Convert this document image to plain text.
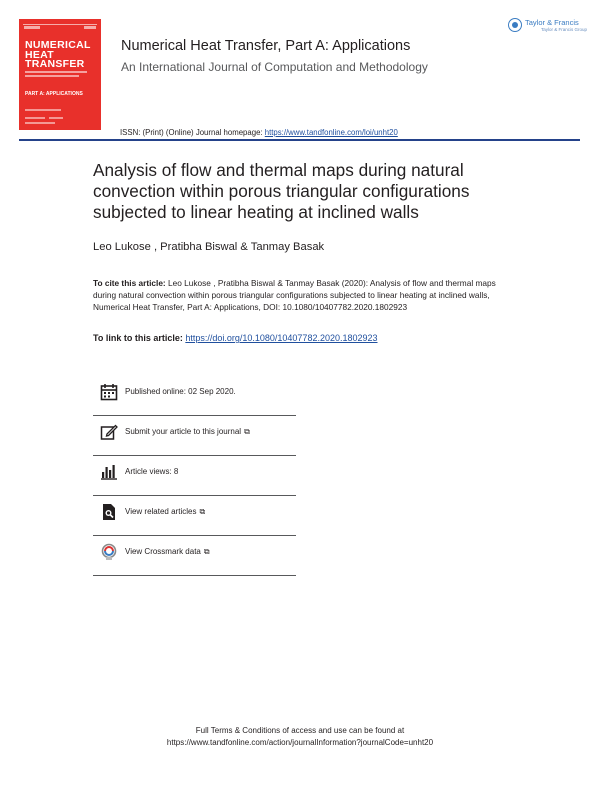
NUMERICAL HEAT TRANSFER
PART A: APPLICATIONS
Numerical Heat Transfer, Part A: Applications
An International Journal of Computation and Methodology
Taylor & Francis
Taylor & Francis Group
ISSN: (Print) (Online) Journal homepage: https://www.tandfonline.com/loi/unht20
Analysis of flow and thermal maps during natural convection within porous triangular configurations subjected to linear heating at inclined walls
Leo Lukose , Pratibha Biswal & Tanmay Basak
To cite this article: Leo Lukose , Pratibha Biswal & Tanmay Basak (2020): Analysis of flow and thermal maps during natural convection within porous triangular configurations subjected to linear heating at inclined walls, Numerical Heat Transfer, Part A: Applications, DOI: 10.1080/10407782.2020.1802923
To link to this article: https://doi.org/10.1080/10407782.2020.1802923
Published online: 02 Sep 2020.
Submit your article to this journal ⧉
Article views: 8
View related articles ⧉
View Crossmark data ⧉
Full Terms & Conditions of access and use can be found at
https://www.tandfonline.com/action/journalInformation?journalCode=unht20
